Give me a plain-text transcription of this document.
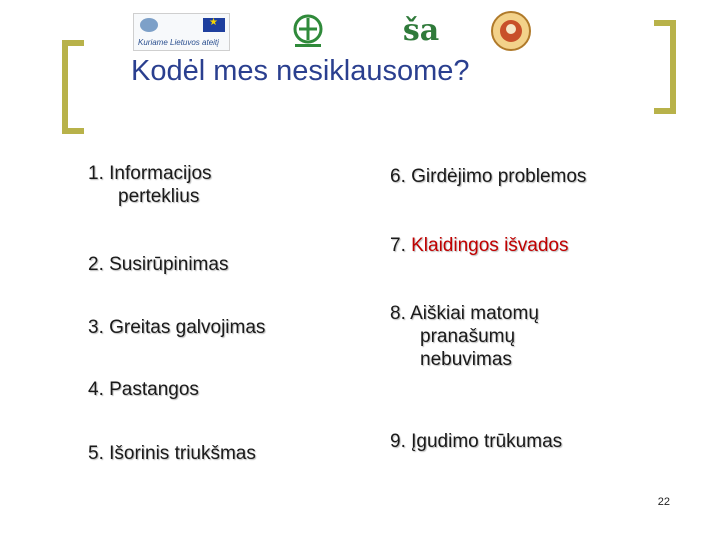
★
Kuriame Lietuvos ateitį	ša
Kodėl mes nesiklausome?
1. Informacijos
perteklius
2. Susirūpinimas
3. Greitas galvojimas
4. Pastangos
5. Išorinis triukšmas
6. Girdėjimo problemos
7. Klaidingos išvados
8. Aiškiai matomų
pranašumų
nebuvimas
9. Įgudimo trūkumas
22
